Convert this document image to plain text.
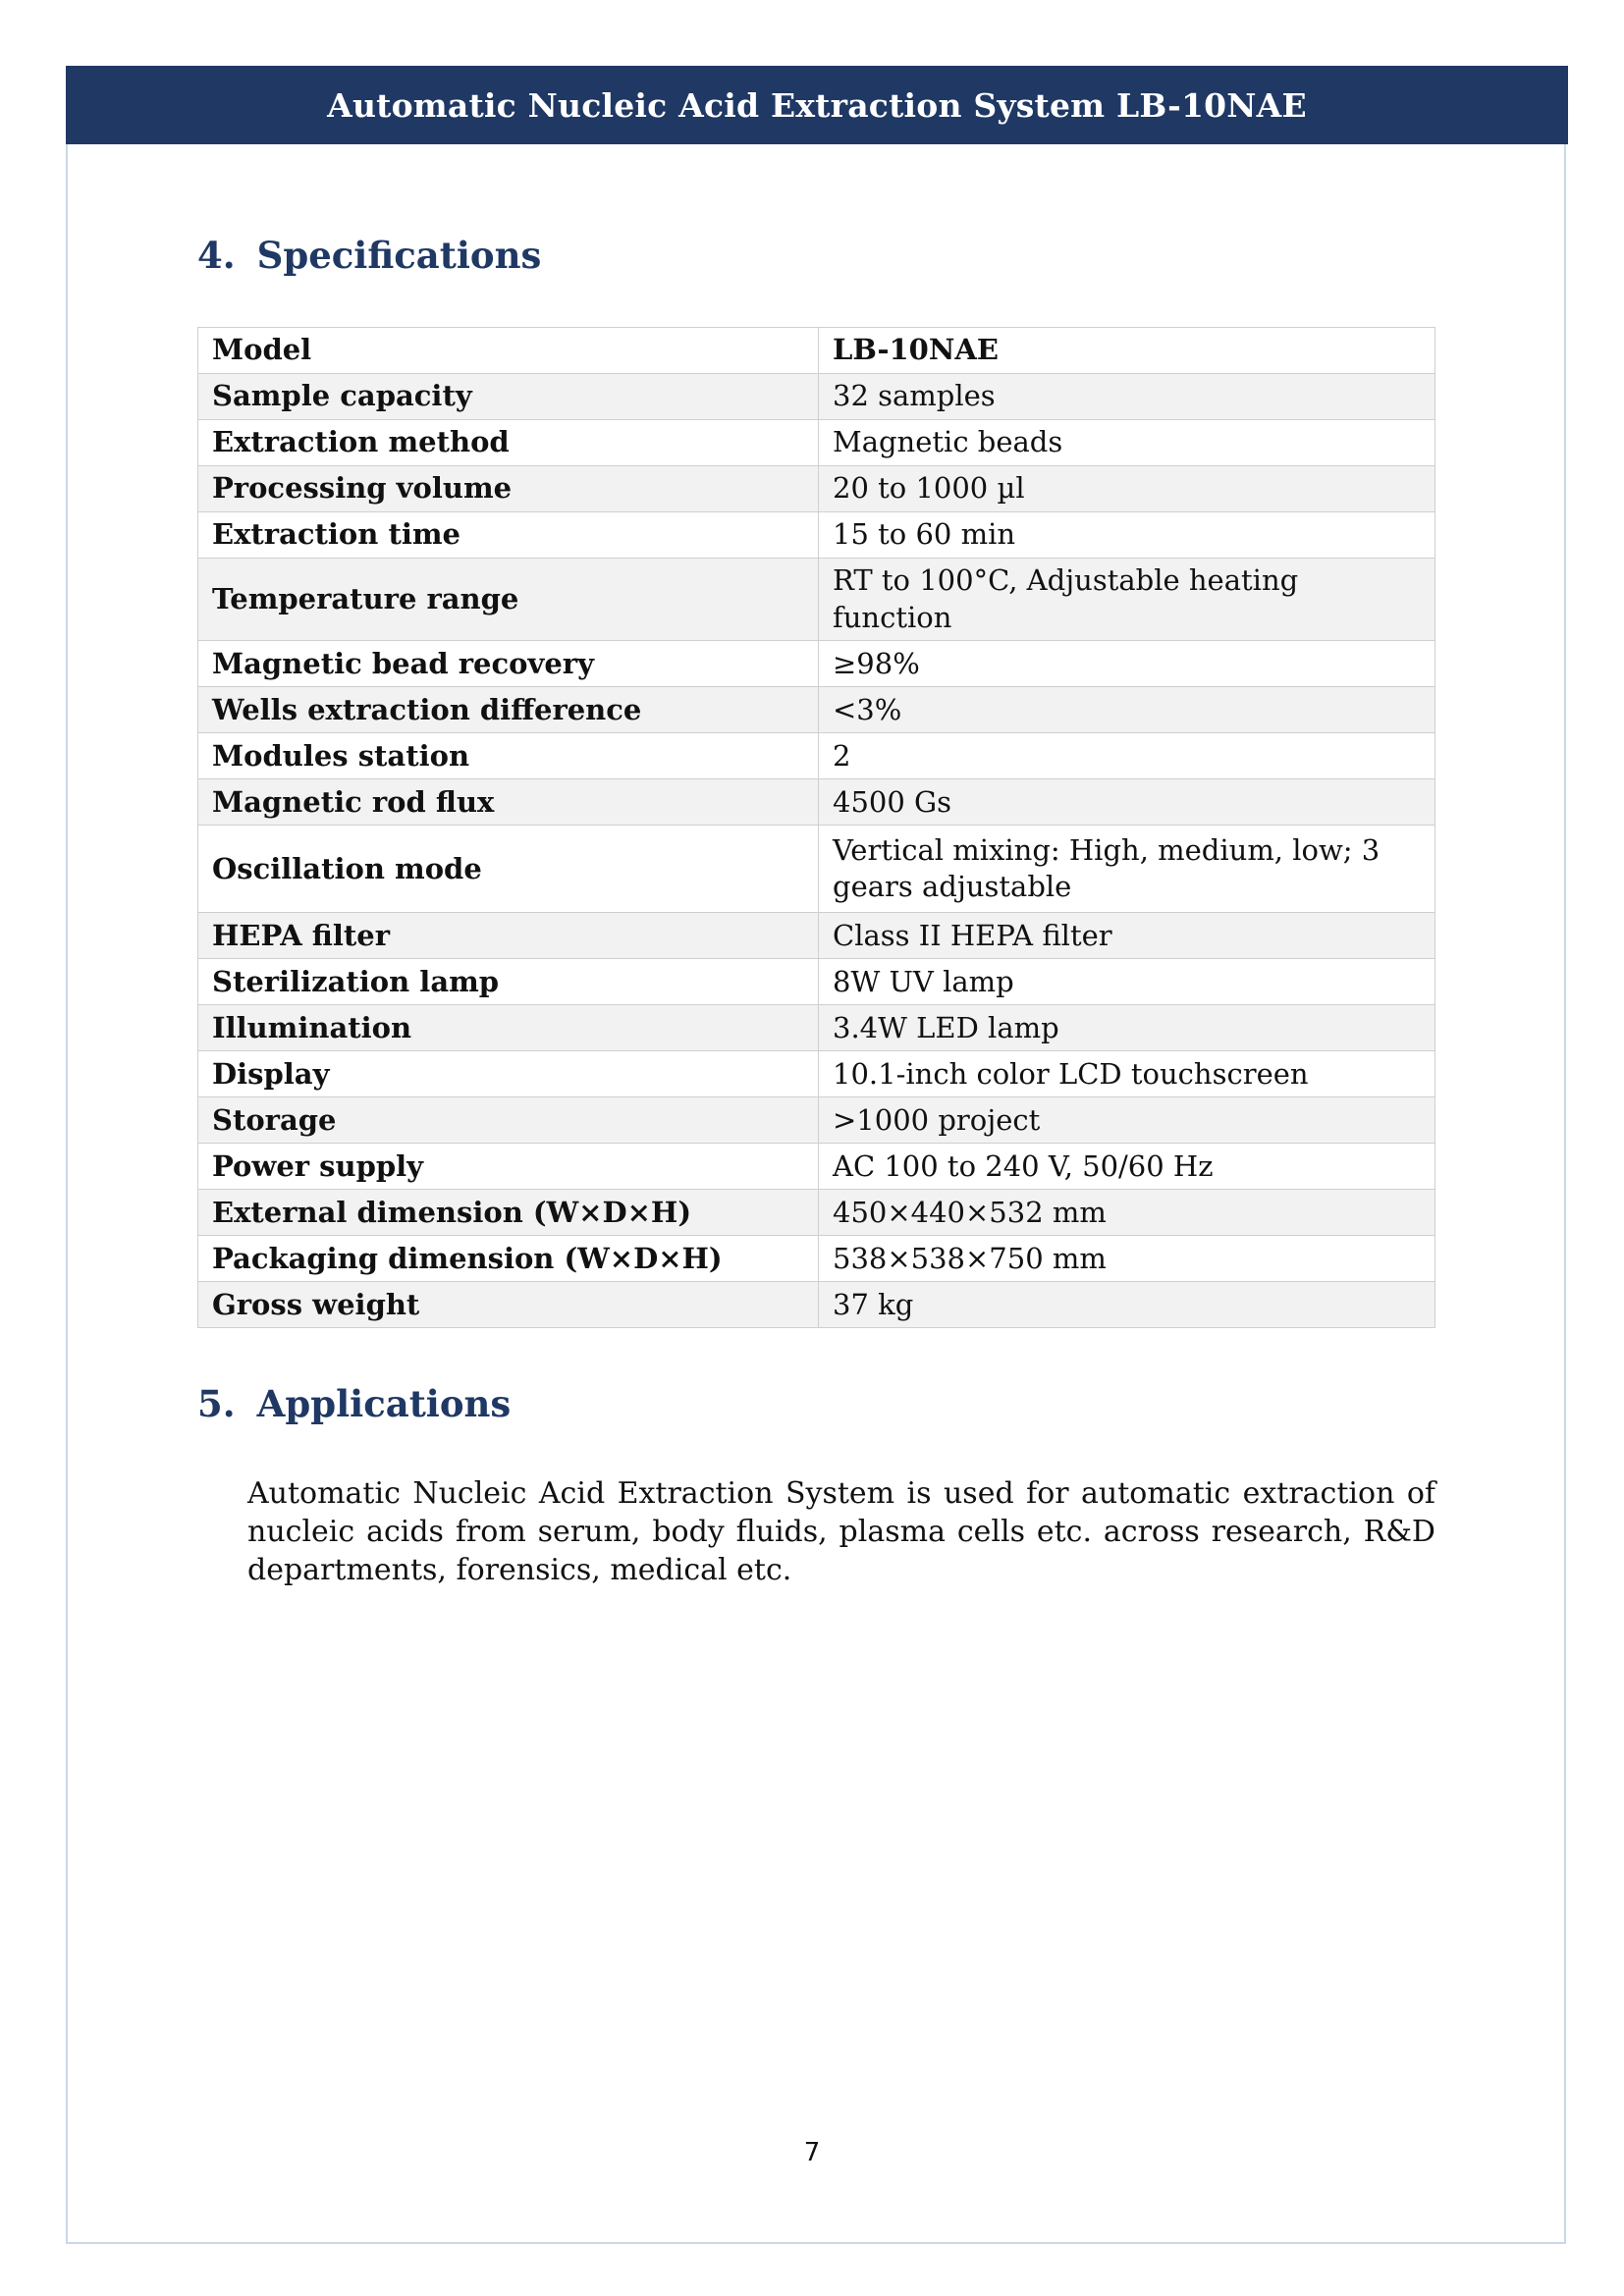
Automatic Nucleic Acid Extraction System LB-10NAE
4. Specifications
Model	LB-10NAE
Sample capacity	32 samples
Extraction method	Magnetic beads
Processing volume	20 to 1000 µl
Extraction time	15 to 60 min
Temperature range	RT to 100°C, Adjustable heating function
Magnetic bead recovery	≥98%
Wells extraction difference	<3%
Modules station	2
Magnetic rod flux	4500 Gs
Oscillation mode	Vertical mixing: High, medium, low; 3 gears adjustable
HEPA filter	Class II HEPA filter
Sterilization lamp	8W UV lamp
Illumination	3.4W LED lamp
Display	10.1-inch color LCD touchscreen
Storage	>1000 project
Power supply	AC 100 to 240 V, 50/60 Hz
External dimension (W×D×H)	450×440×532 mm
Packaging dimension (W×D×H)	538×538×750 mm
Gross weight	37 kg
5. Applications

Automatic Nucleic Acid Extraction System is used for automatic extraction of nucleic acids from serum, body fluids, plasma cells etc. across research, R&D departments, forensics, medical etc.

7
